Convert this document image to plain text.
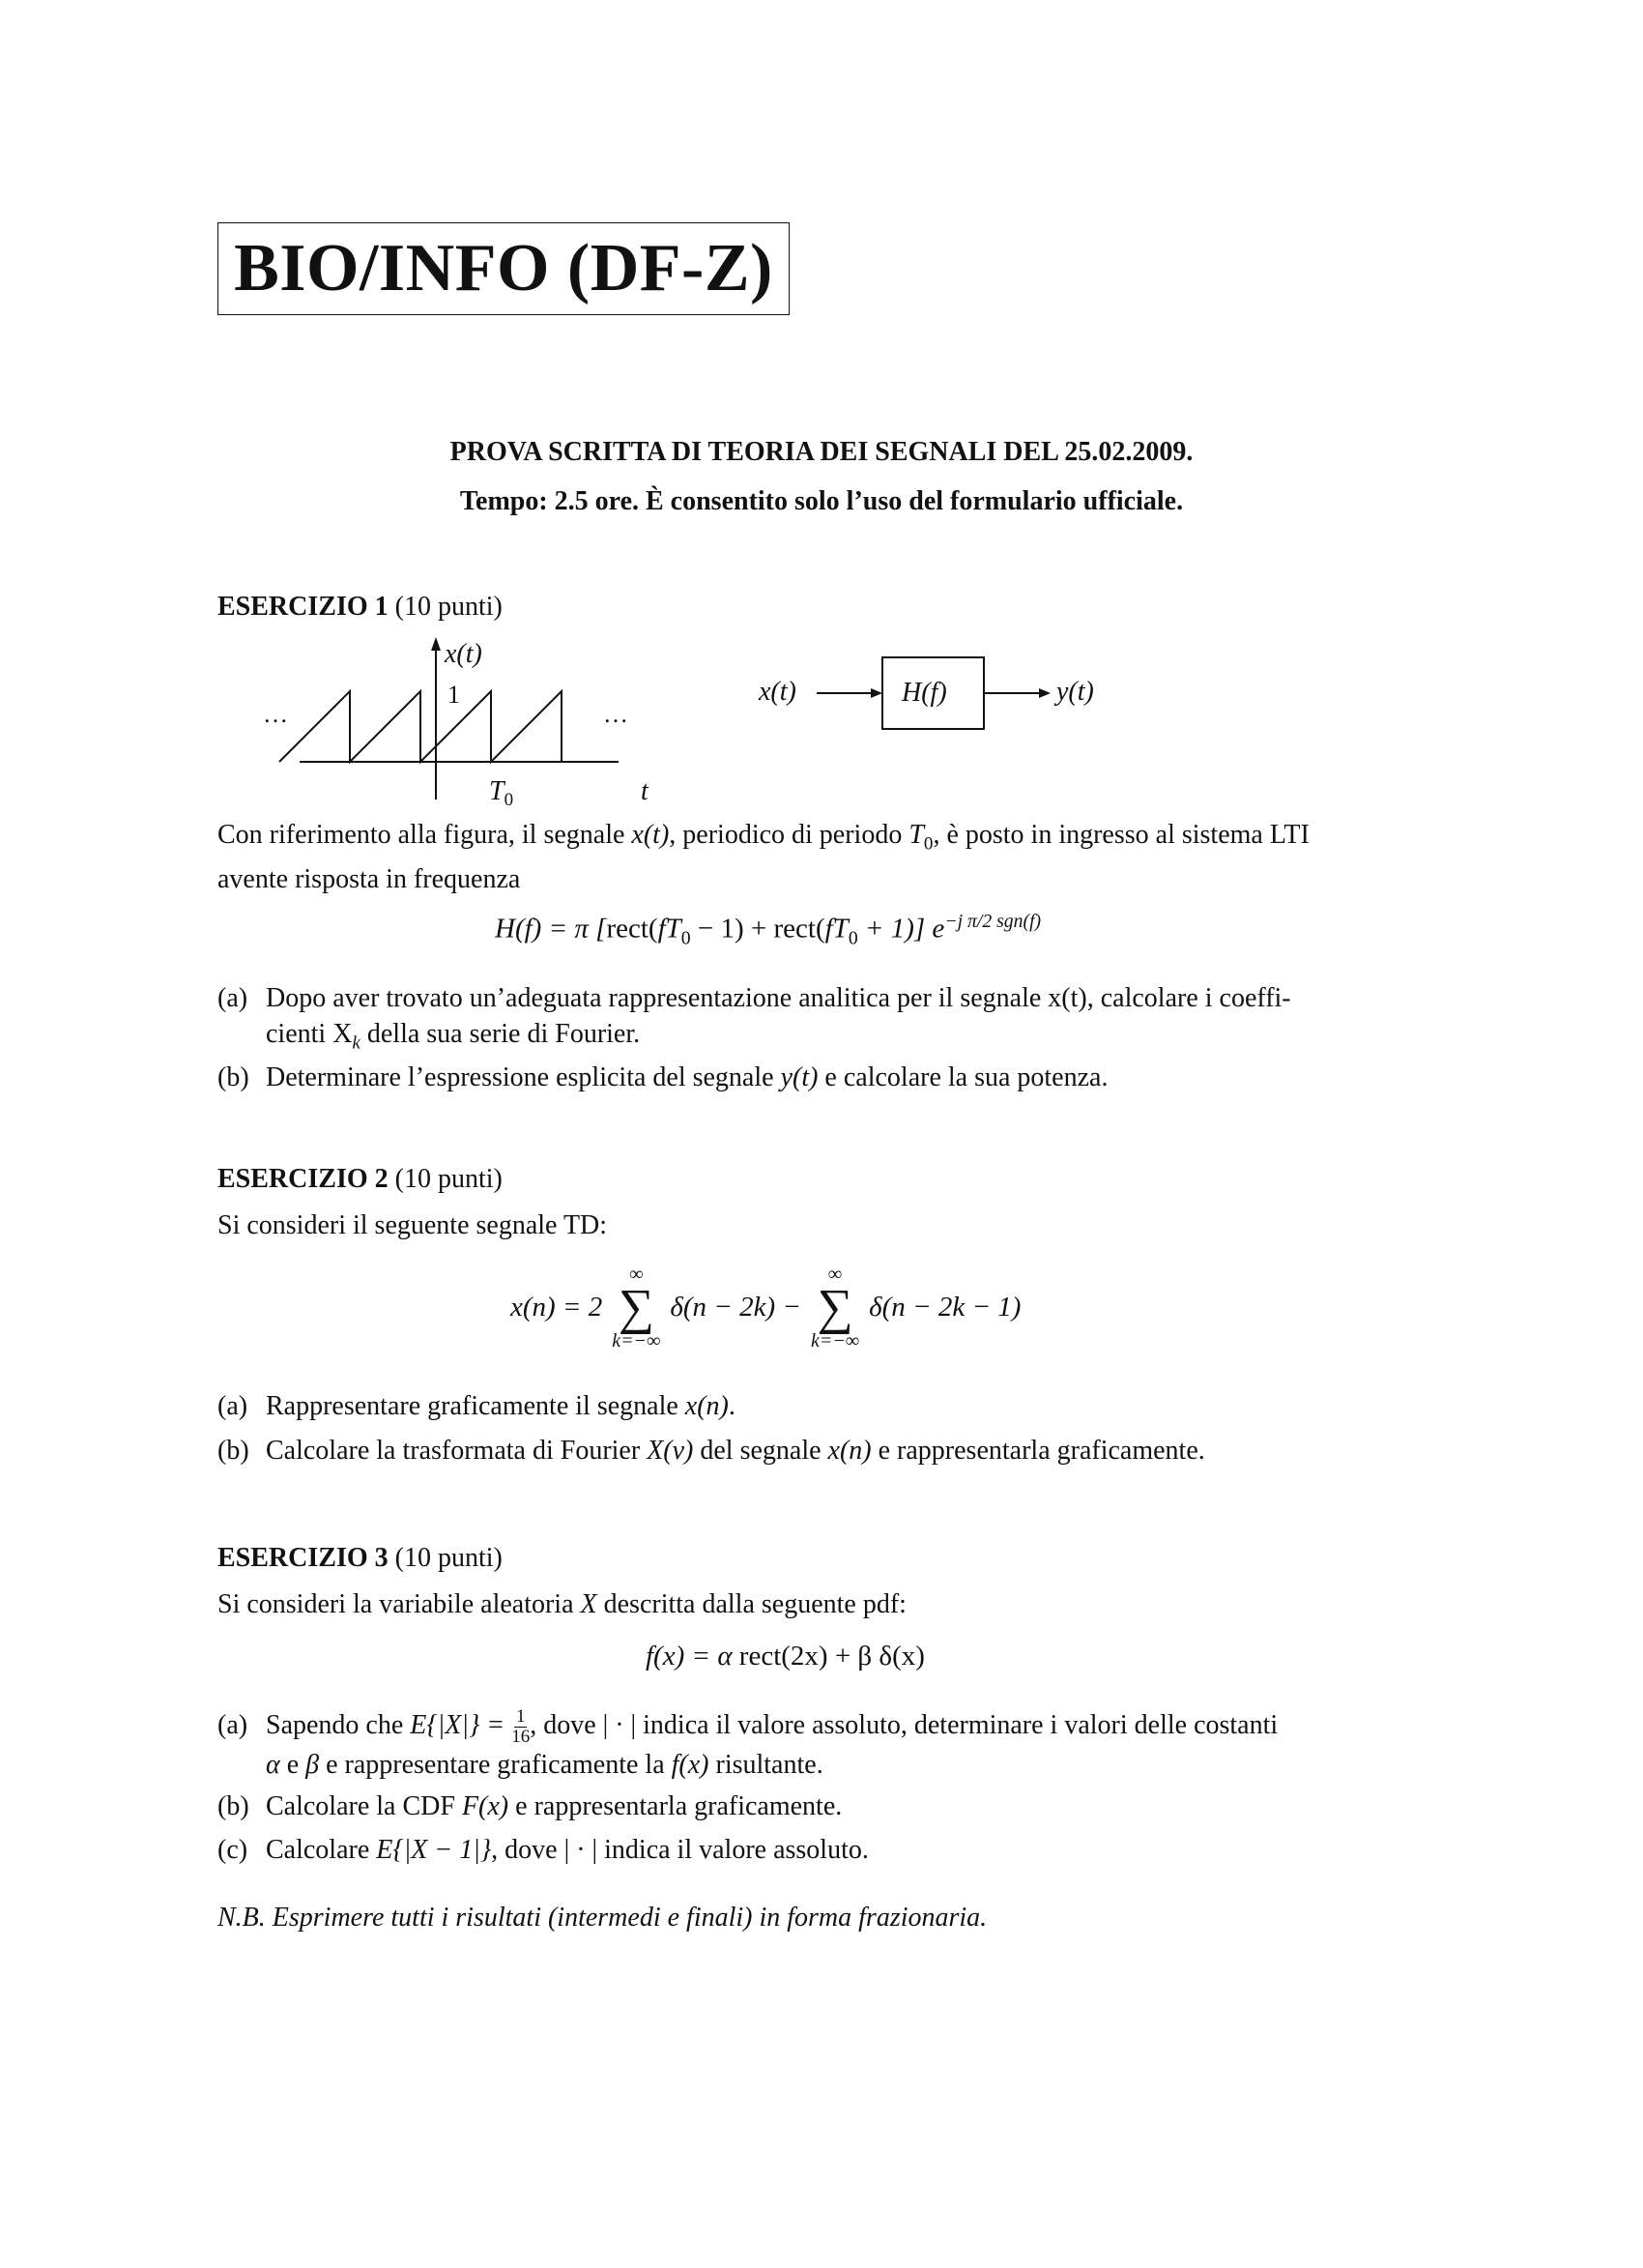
BIO/INFO (DF-Z)
PROVA SCRITTA DI TEORIA DEI SEGNALI DEL 25.02.2009.
Tempo: 2.5 ore. È consentito solo l’uso del formulario ufficiale.
ESERCIZIO 1 (10 punti)
x(t)
1
…	…
$T_0$	t
x(t)	H(f)	y(t)
Con riferimento alla figura, il segnale x(t), periodico di periodo $T_0$, è posto in ingresso al sistema LTI
avente risposta in frequenza
H(f) = π [$rect(fT_0 - 1)$ + $rect(fT_0 + 1)$] $e^{-j \pi/2 sgn(f)}$
(a) Dopo aver trovato un’adeguata rappresentazione analitica per il segnale x(t), calcolare i coeffi-
cienti $X_k$ della sua serie di Fourier.
(b) Determinare l’espressione esplicita del segnale y(t) e calcolare la sua potenza.
ESERCIZIO 2 (10 punti)
Si consideri il seguente segnale TD:
x(n) = 2
∞
∑
k=−∞
δ(n − 2k) −
∞
∑
k=−∞
δ(n − 2k − 1)
(a) Rappresentare graficamente il segnale x(n).
(b) Calcolare la trasformata di Fourier X(ν) del segnale x(n) e rappresentarla graficamente.
ESERCIZIO 3 (10 punti)
Si consideri la variabile aleatoria X descritta dalla seguente pdf:
f(x) = α rect(2x) + β δ(x)
(a) Sapendo che $E\{|X|\} = \frac{1}{16}$ , dove | · | indica il valore assoluto, determinare i valori delle costanti
α e β e rappresentare graficamente la f(x) risultante.
(b) Calcolare la CDF F(x) e rappresentarla graficamente.
(c) Calcolare E{|X − 1|}, dove | · | indica il valore assoluto.
N.B. Esprimere tutti i risultati (intermedi e finali) in forma frazionaria.
